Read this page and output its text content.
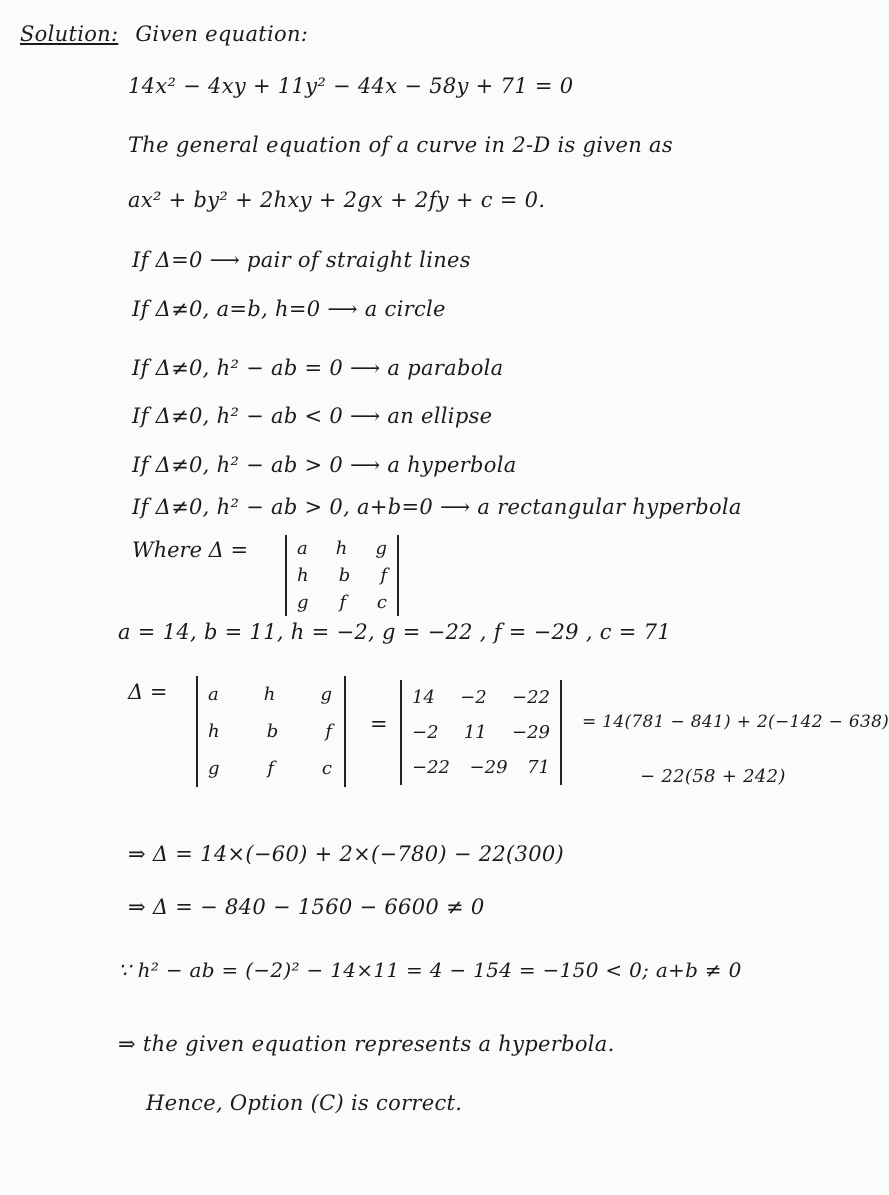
Solution: Given equation:
14x² − 4xy + 11y² − 44x − 58y + 71 = 0
The general equation of a curve in 2-D is given as
ax² + by² + 2hxy + 2gx + 2fy + c = 0.
If Δ=0 ⟶ pair of straight lines
If Δ≠0, a=b, h=0 ⟶ a circle
If Δ≠0, h² − ab = 0 ⟶ a parabola
If Δ≠0, h² − ab < 0 ⟶ an ellipse
If Δ≠0, h² − ab > 0 ⟶ a hyperbola
If Δ≠0, h² − ab > 0, a+b=0 ⟶ a rectangular hyperbola
Where Δ =	a h g
h b f
g f c
a = 14, b = 11, h = −2, g = −22 , f = −29 , c = 71
Δ = a	h	g
h	b	f
g	f	c
=
14 −2 −22
−2 11 −29
−22 −29 71
= 14(781 − 841) + 2(−142 − 638)
− 22(58 + 242)
⇒ Δ = 14×(−60) + 2×(−780) − 22(300)
⇒ Δ = − 840 − 1560 − 6600 ≠ 0
∵ h² − ab = (−2)² − 14×11 = 4 − 154 = −150 < 0; a+b ≠ 0
⇒ the given equation represents a hyperbola.
Hence, Option (C) is correct.
